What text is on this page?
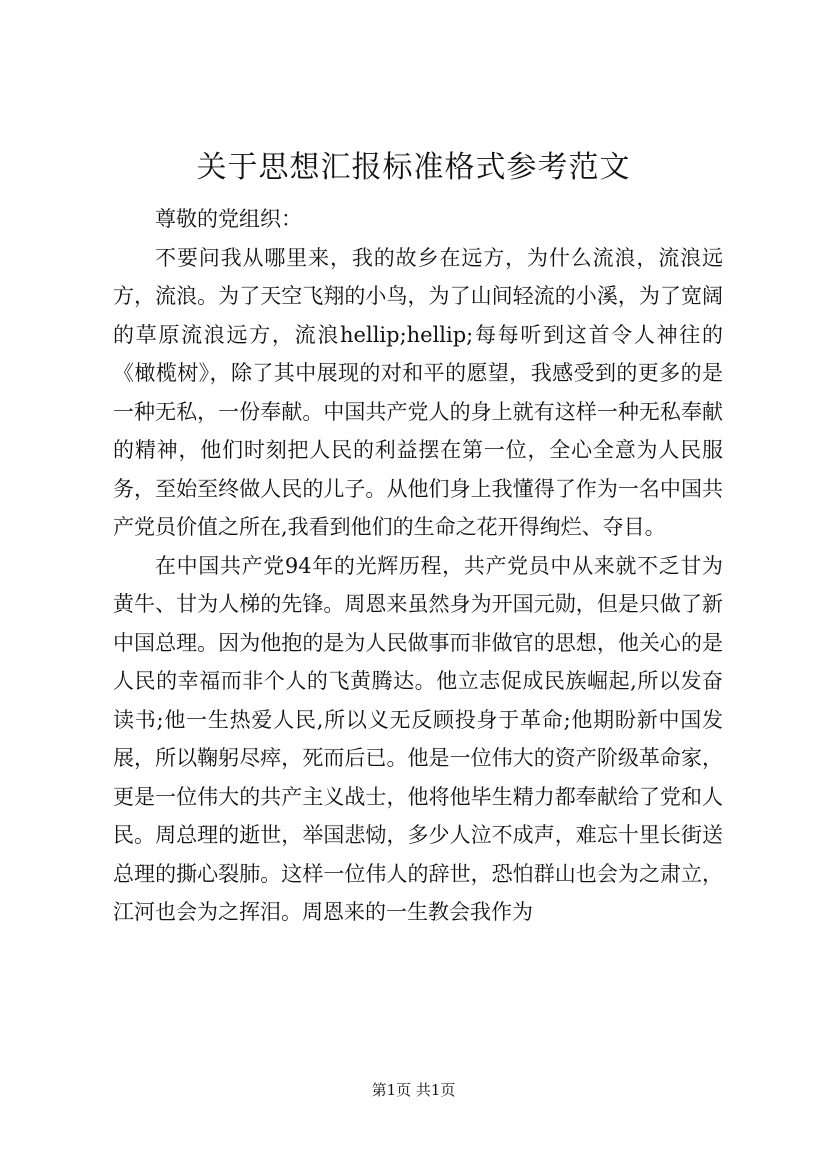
关于思想汇报标准格式参考范文

尊敬的党组织：

不要问我从哪里来，我的故乡在远方，为什么流浪，流浪远方，流浪。为了天空飞翔的小鸟，为了山间轻流的小溪，为了宽阔的草原流浪远方，流浪hellip;hellip;每每听到这首令人神往的《橄榄树》，除了其中展现的对和平的愿望，我感受到的更多的是一种无私，一份奉献。中国共产党人的身上就有这样一种无私奉献的精神，他们时刻把人民的利益摆在第一位，全心全意为人民服务，至始至终做人民的儿子。从他们身上我懂得了作为一名中国共产党员价值之所在,我看到他们的生命之花开得绚烂、夺目。

在中国共产党94年的光辉历程，共产党员中从来就不乏甘为黄牛、甘为人梯的先锋。周恩来虽然身为开国元勋，但是只做了新中国总理。因为他抱的是为人民做事而非做官的思想，他关心的是人民的幸福而非个人的飞黄腾达。他立志促成民族崛起,所以发奋读书;他一生热爱人民,所以义无反顾投身于革命;他期盼新中国发展，所以鞠躬尽瘁，死而后已。他是一位伟大的资产阶级革命家，更是一位伟大的共产主义战士，他将他毕生精力都奉献给了党和人民。周总理的逝世，举国悲恸，多少人泣不成声，难忘十里长街送总理的撕心裂肺。这样一位伟人的辞世，恐怕群山也会为之肃立，江河也会为之挥泪。周恩来的一生教会我作为

第1页 共1页
